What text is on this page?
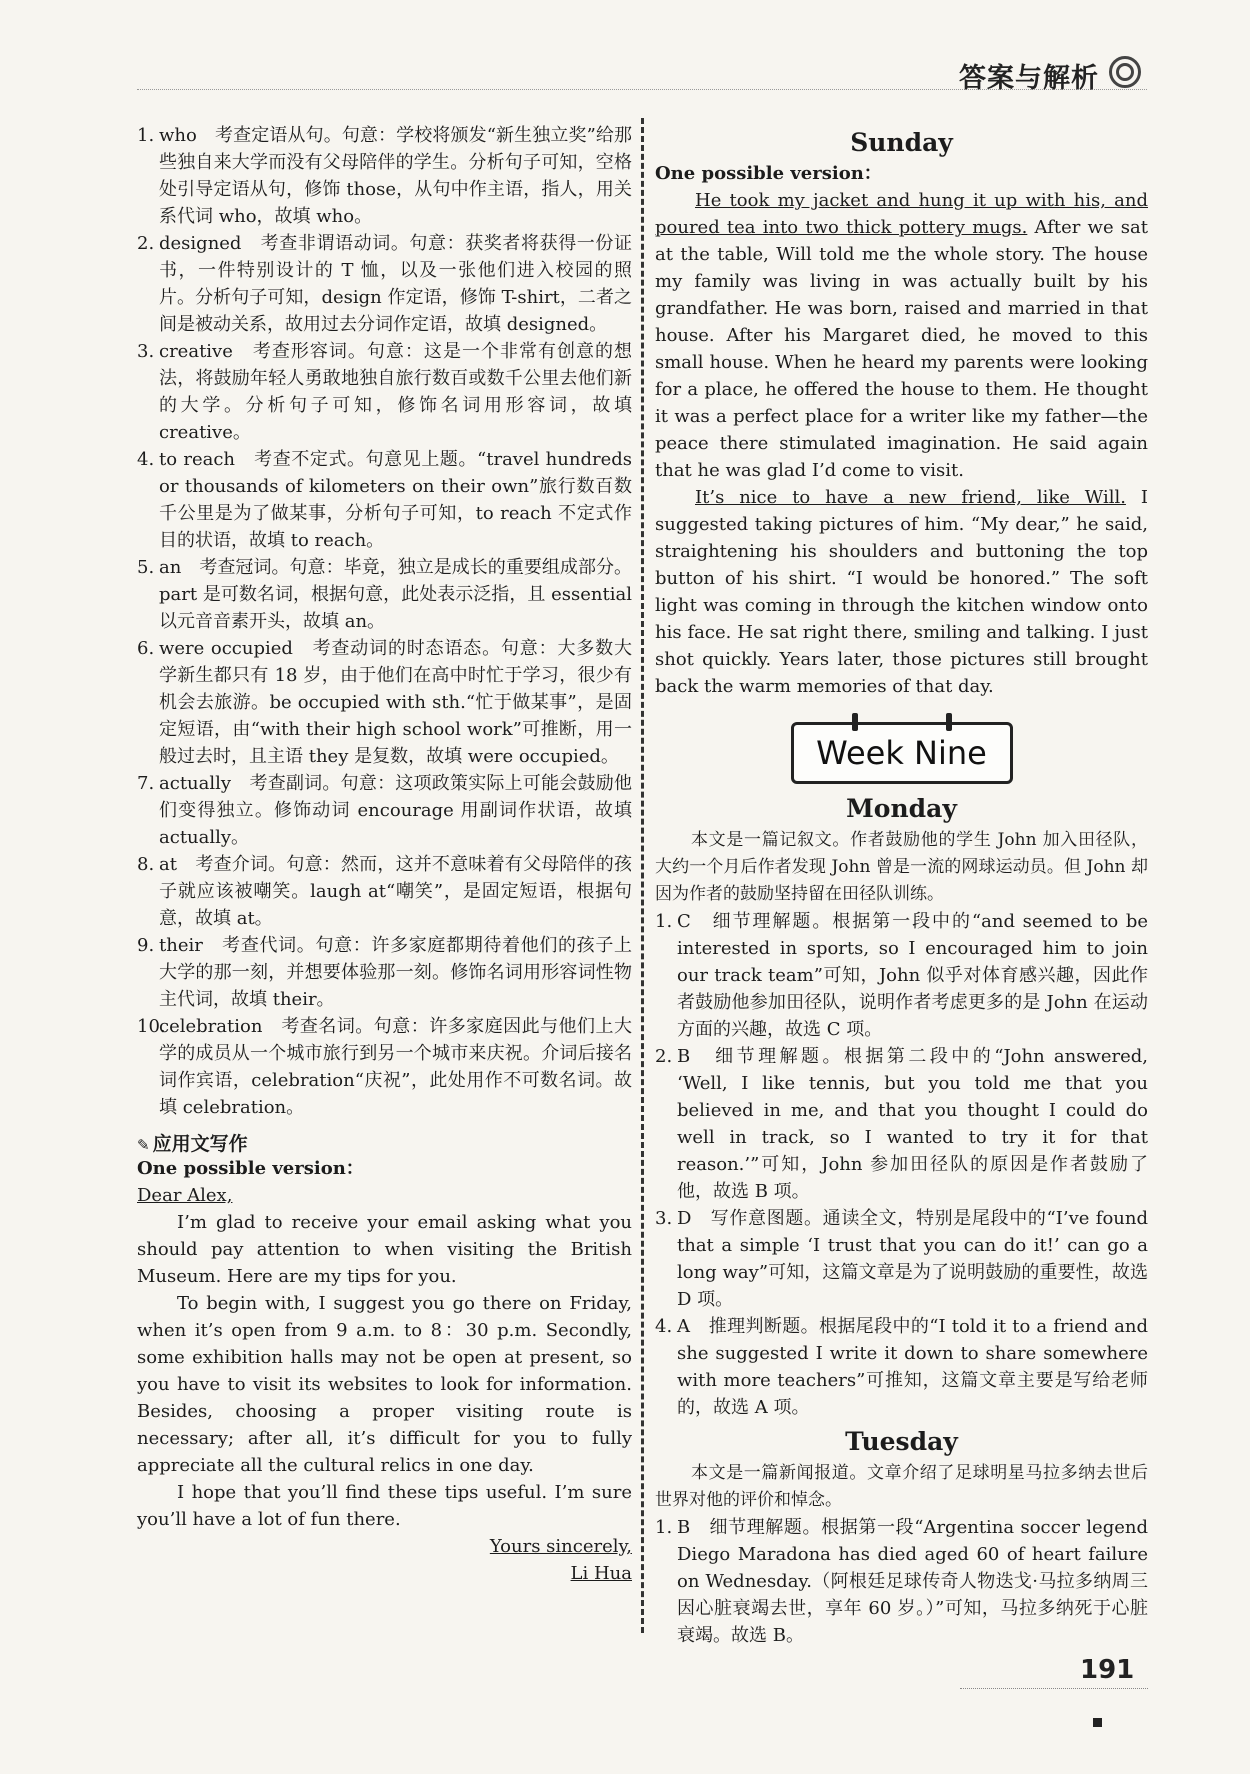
答案与解析
1. who　考查定语从句。句意：学校将颁发“新生独立奖”给那些独自来大学而没有父母陪伴的学生。分析句子可知，空格处引导定语从句，修饰 those，从句中作主语，指人，用关系代词 who，故填 who。
2. designed　考查非谓语动词。句意：获奖者将获得一份证书，一件特别设计的 T 恤，以及一张他们进入校园的照片。分析句子可知，design 作定语，修饰 T-shirt，二者之间是被动关系，故用过去分词作定语，故填 designed。
3. creative　考查形容词。句意：这是一个非常有创意的想法，将鼓励年轻人勇敢地独自旅行数百或数千公里去他们新的大学。分析句子可知，修饰名词用形容词，故填 creative。
4. to reach　考查不定式。句意见上题。“travel hundreds or thousands of kilometers on their own”旅行数百数千公里是为了做某事，分析句子可知，to reach 不定式作目的状语，故填 to reach。
5. an　考查冠词。句意：毕竟，独立是成长的重要组成部分。part 是可数名词，根据句意，此处表示泛指，且 essential 以元音音素开头，故填 an。
6. were occupied　考查动词的时态语态。句意：大多数大学新生都只有 18 岁，由于他们在高中时忙于学习，很少有机会去旅游。be occupied with sth.“忙于做某事”，是固定短语，由“with their high school work”可推断，用一般过去时，且主语 they 是复数，故填 were occupied。
7. actually　考查副词。句意：这项政策实际上可能会鼓励他们变得独立。修饰动词 encourage 用副词作状语，故填 actually。
8. at　考查介词。句意：然而，这并不意味着有父母陪伴的孩子就应该被嘲笑。laugh at“嘲笑”，是固定短语，根据句意，故填 at。
9. their　考查代词。句意：许多家庭都期待着他们的孩子上大学的那一刻，并想要体验那一刻。修饰名词用形容词性物主代词，故填 their。
10.
celebration　考查名词。句意：许多家庭因此与他们上大学的成员从一个城市旅行到另一个城市来庆祝。介词后接名词作宾语，celebration“庆祝”，此处用作不可数名词。故填 celebration。
✎ 应用文写作
One possible version：
Dear Alex,

I’m glad to receive your email asking what you should pay attention to when visiting the British Museum. Here are my tips for you.

To begin with, I suggest you go there on Friday, when it’s open from 9 a.m. to 8：30 p.m. Secondly, some exhibition halls may not be open at present, so you have to visit its websites to look for information. Besides, choosing a proper visiting route is necessary; after all, it’s difficult for you to fully appreciate all the cultural relics in one day.

I hope that you’ll find these tips useful. I’m sure you’ll have a lot of fun there.

Yours sincerely,
Li Hua
Sunday
One possible version：

He took my jacket and hung it up with his, and poured tea into two thick pottery mugs. After we sat at the table, Will told me the whole story. The house my family was living in was actually built by his grandfather. He was born, raised and married in that house. After his Margaret died, he moved to this small house. When he heard my parents were looking for a place, he offered the house to them. He thought it was a perfect place for a writer like my father—the peace there stimulated imagination. He said again that he was glad I’d come to visit.

It’s nice to have a new friend, like Will. I suggested taking pictures of him. “My dear,” he said, straightening his shoulders and buttoning the top button of his shirt. “I would be honored.” The soft light was coming in through the kitchen window onto his face. He sat right there, smiling and talking. I just shot quickly. Years later, those pictures still brought back the warm memories of that day.

Week Nine
Monday

本文是一篇记叙文。作者鼓励他的学生 John 加入田径队，大约一个月后作者发现 John 曾是一流的网球运动员。但 John 却因为作者的鼓励坚持留在田径队训练。

1. C　细节理解题。根据第一段中的“and seemed to be interested in sports, so I encouraged him to join our track team”可知，John 似乎对体育感兴趣，因此作者鼓励他参加田径队，说明作者考虑更多的是 John 在运动方面的兴趣，故选 C 项。
2. B　细节理解题。根据第二段中的“John answered, ‘Well, I like tennis, but you told me that you believed in me, and that you thought I could do well in track, so I wanted to try it for that reason.’”可知，John 参加田径队的原因是作者鼓励了他，故选 B 项。
3. D　写作意图题。通读全文，特别是尾段中的“I’ve found that a simple ‘I trust that you can do it!’ can go a long way”可知，这篇文章是为了说明鼓励的重要性，故选 D 项。
4. A　推理判断题。根据尾段中的“I told it to a friend and she suggested I write it down to share somewhere with more teachers”可推知，这篇文章主要是写给老师的，故选 A 项。
Tuesday

本文是一篇新闻报道。文章介绍了足球明星马拉多纳去世后世界对他的评价和悼念。

1. B　细节理解题。根据第一段“Argentina soccer legend Diego Maradona has died aged 60 of heart failure on Wednesday.（阿根廷足球传奇人物迭戈·马拉多纳周三因心脏衰竭去世，享年 60 岁。）”可知，马拉多纳死于心脏衰竭。故选 B。
191
